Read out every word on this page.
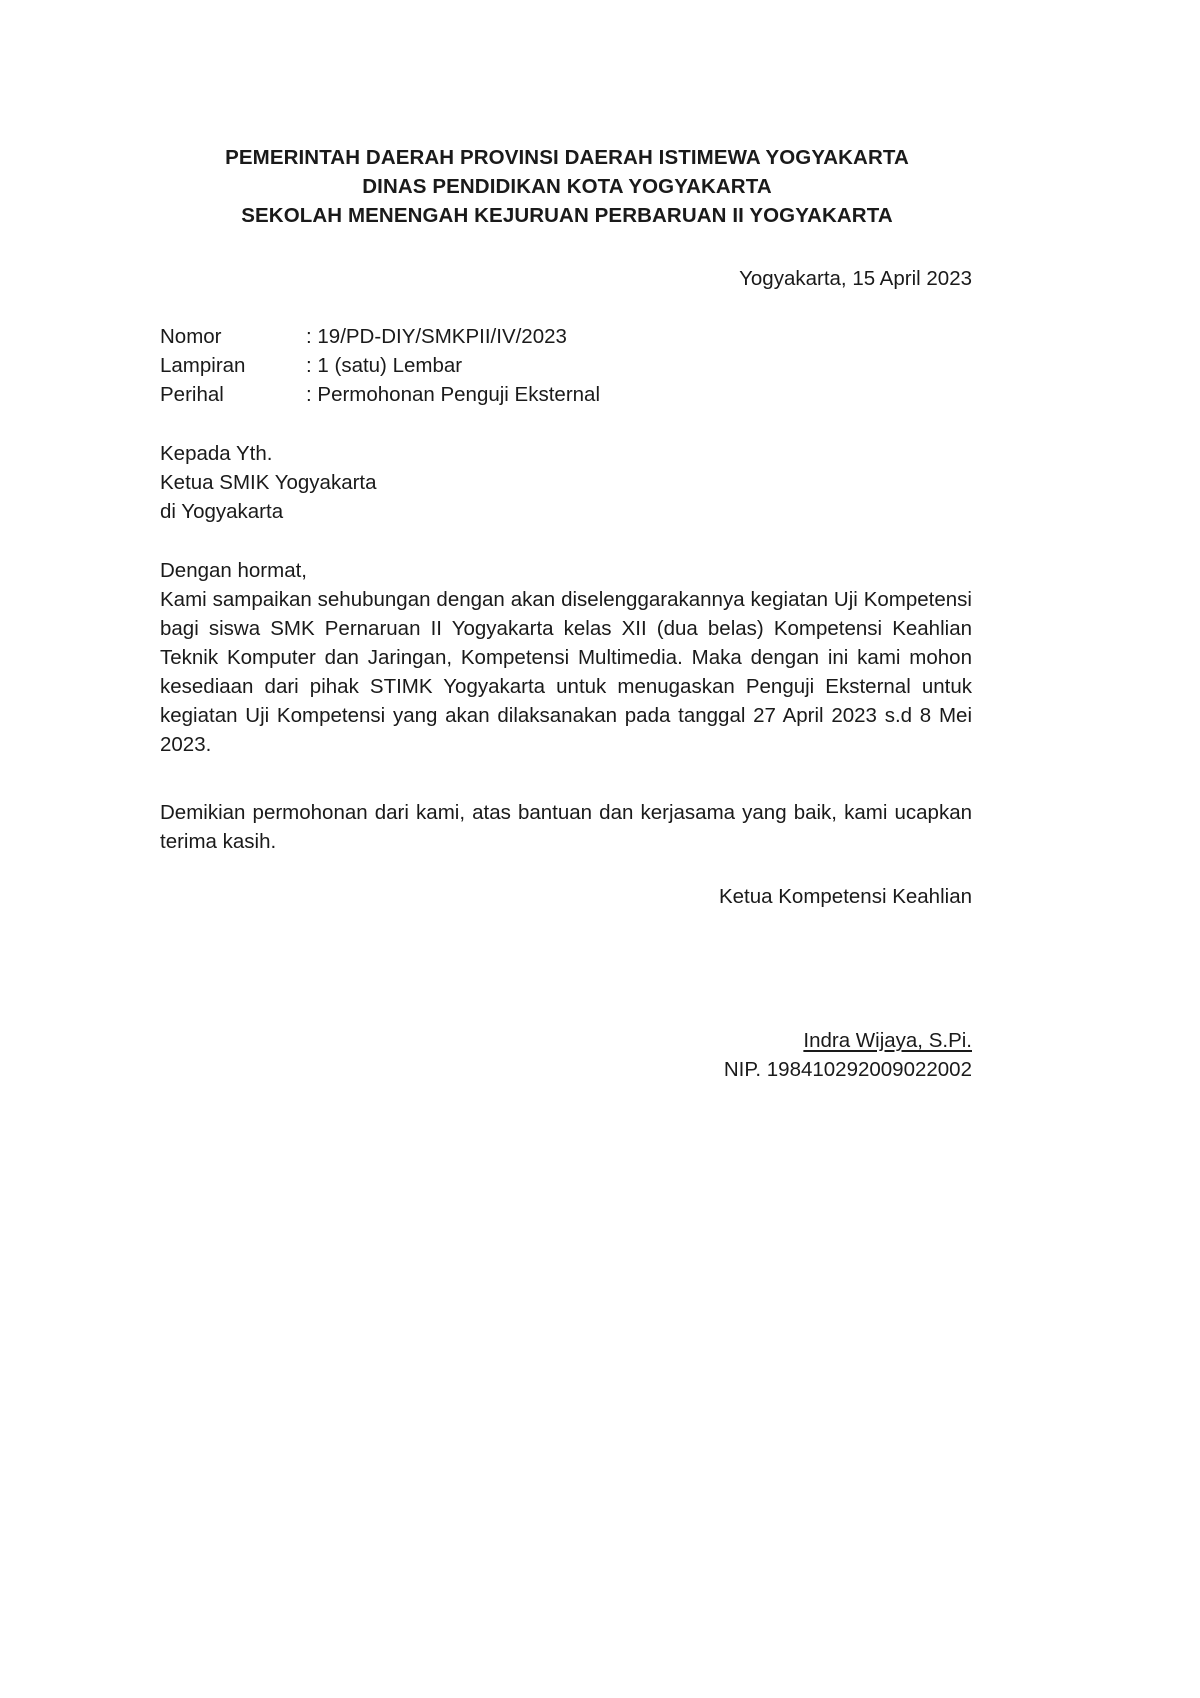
PEMERINTAH DAERAH PROVINSI DAERAH ISTIMEWA YOGYAKARTA
DINAS PENDIDIKAN KOTA YOGYAKARTA
SEKOLAH MENENGAH KEJURUAN PERBARUAN II YOGYAKARTA
Yogyakarta, 15 April 2023
Nomor	: 19/PD-DIY/SMKPII/IV/2023
Lampiran	: 1 (satu) Lembar
Perihal	: Permohonan Penguji Eksternal
Kepada Yth.
Ketua SMIK Yogyakarta
di Yogyakarta
Dengan hormat,

Kami sampaikan sehubungan dengan akan diselenggarakannya kegiatan Uji Kompetensi bagi siswa SMK Pernaruan II Yogyakarta kelas XII (dua belas) Kompetensi Keahlian Teknik Komputer dan Jaringan, Kompetensi Multimedia. Maka dengan ini kami mohon kesediaan dari pihak STIMK Yogyakarta untuk menugaskan Penguji Eksternal untuk kegiatan Uji Kompetensi yang akan dilaksanakan pada tanggal 27 April 2023 s.d 8 Mei 2023.

Demikian permohonan dari kami, atas bantuan dan kerjasama yang baik, kami ucapkan terima kasih.

Ketua Kompetensi Keahlian
Indra Wijaya, S.Pi.
NIP. 198410292009022002
